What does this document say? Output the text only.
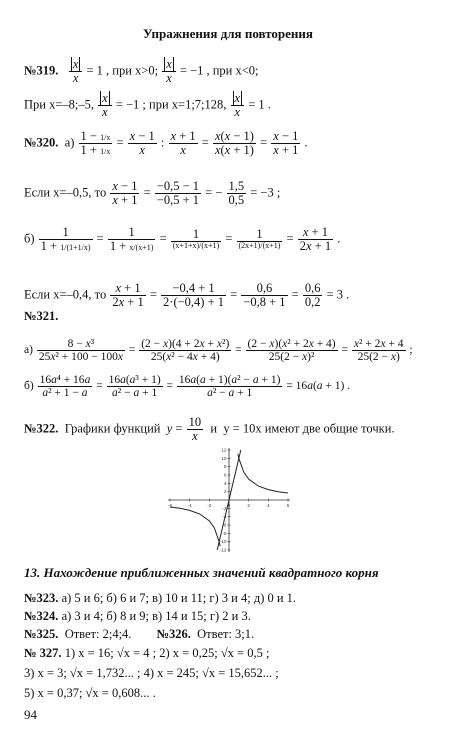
Упражнения для повторения
№319. $\frac{x}{x} = 1$ , при x>0; $\frac{x}{x} = -1$ , при x<0;
При x=–8;–5, $\frac{x}{x} = -1$ ; при x=1;7;128, $\frac{x}{x} = 1$ .
№320. $а) \frac{1 - 1/x}{1 + 1/x} = \frac{x - 1}{x}$ : $\frac{x + 1}{x} = \frac{x(x - 1)}{x(x + 1)} = \frac{x - 1}{x + 1}$ .
Если x=–0,5, то $\frac{x - 1}{x + 1} = \frac{-0,5 - 1}{-0,5 + 1}$ = − $\frac{1,5}{0,5} = -3$ ;
$б) \frac{1}{1 + 1/(1+1/x)} = \frac{1}{1 + x/(x+1)} = \frac{1}{(x+1+x)/(x+1)} = \frac{1}{(2x+1)/(x+1)} = \frac{x + 1}{2x + 1}$ .
Если x=–0,4, то $\frac{x + 1}{2x + 1} = \frac{-0,4 + 1}{2\cdot(-0,4) + 1} = \frac{0,6}{-0,8 + 1} = \frac{0,6}{0,2} = 3$ .
№321.
$а) \frac{\text{8 − x³}}{\text{25x² + 100 − 100x}} = \frac{\text{(2 − x)(4 + 2x + x²)}}{\text{25(x² − 4x + 4)}} = \frac{\text{(2 − x)(x² + 2x + 4)}}{\text{25(2 − x)²}} = \frac{\text{x² + 2x + 4}}{25(2 - x)}$ ;
$б) \frac{\text{16a⁴ + 16a}}{\text{a² + 1 − a}} = \frac{\text{16a(a³ + 1)}}{\text{a² − a + 1}} = \frac{\text{16a(a + 1)(a² − a + 1)}}{\text{a² − a + 1}} = 16a(a + 1)$ .
№322. Графики функций $y = \frac{10}{x}$ и y = 10x имеют две общие точки.
-6	-4	-2	0	2	4	6
12
10
8
6
4
2
-2
-4
-6
-8
-10
-12
13. Нахождение приближенных значений квадратного корня
№323. а) 5 и 6; б) 6 и 7; в) 10 и 11; г) 3 и 4; д) 0 и 1.
№324. а) 3 и 4; б) 8 и 9; в) 14 и 15; г) 2 и 3.
№325. Ответ: 2;4;4. №326. Ответ: 3;1.
№ 327. 1) x = 16; √x = 4 ; 2) x = 0,25; √x = 0,5 ;
3) x = 3; √x = 1,732... ; 4) x = 245; √x = 15,652... ;
5) x = 0,37; √x = 0,608... .
94
